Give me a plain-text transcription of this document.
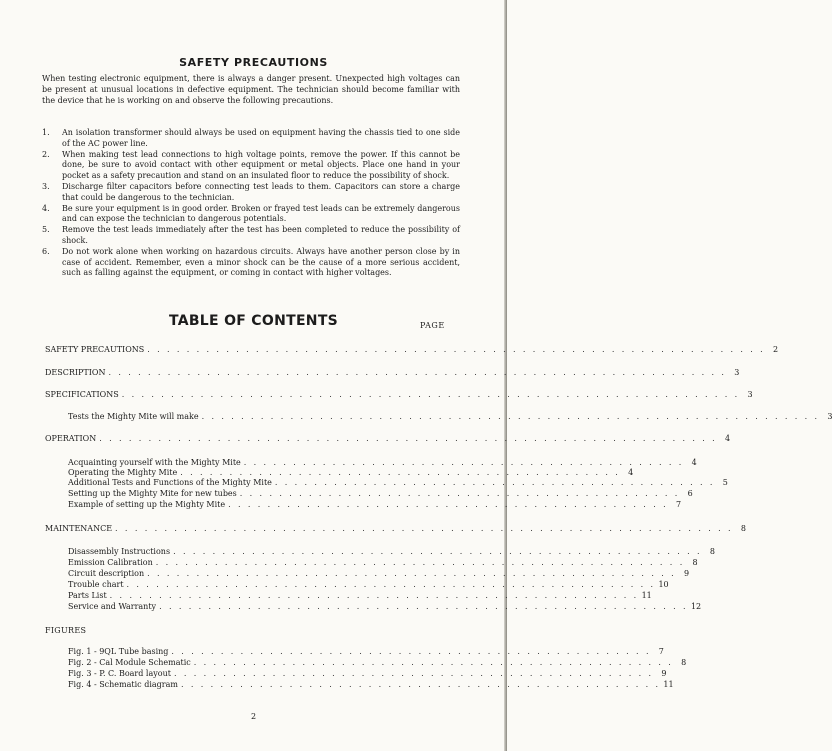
SAFETY PRECAUTIONS
When testing electronic equipment, there is always a danger present. Unexpected high voltages can be present at unusual locations in defective equipment. The technician should become familiar with the device that he is working on and observe the following precautions.
1. An isolation transformer should always be used on equipment having the chassis tied to one side of the AC power line.
2. When making test lead connections to high voltage points, remove the power. If this cannot be done, be sure to avoid contact with other equipment or metal objects. Place one hand in your pocket as a safety precaution and stand on an insulated floor to reduce the possibility of shock.
3. Discharge filter capacitors before connecting test leads to them. Capacitors can store a charge that could be dangerous to the technician.
4. Be sure your equipment is in good order. Broken or frayed test leads can be extremely dangerous and can expose the technician to dangerous potentials.
5. Remove the test leads immediately after the test has been completed to reduce the possibility of shock.
6. Do not work alone when working on hazardous circuits. Always have another person close by in case of accident. Remember, even a minor shock can be the cause of a more serious accident, such as falling against the equipment, or coming in contact with higher voltages.
TABLE OF CONTENTS	PAGE
SAFETY PRECAUTIONS . . . . . . . . . . . . . . . . . . . . . . . . . . . . . . . . . . . . . . . . . . . . . . . . . . . . . . . . . . . . . . . 2
DESCRIPTION . . . . . . . . . . . . . . . . . . . . . . . . . . . . . . . . . . . . . . . . . . . . . . . . . . . . . . . . . . . . . . . 3
SPECIFICATIONS . . . . . . . . . . . . . . . . . . . . . . . . . . . . . . . . . . . . . . . . . . . . . . . . . . . . . . . . . . . . . . . 3
Tests the Mighty Mite will make . . . . . . . . . . . . . . . . . . . . . . . . . . . . . . . . . . . . . . . . . . . . . . . . . . . . . . . . . . . . . . . 3
OPERATION . . . . . . . . . . . . . . . . . . . . . . . . . . . . . . . . . . . . . . . . . . . . . . . . . . . . . . . . . . . . . . . 4
Acquainting yourself with the Mighty Mite . . . . . . . . . . . . . . . . . . . . . . . . . . . . . . . . . . . . . . . . . . . . . 4
Operating the Mighty Mite . . . . . . . . . . . . . . . . . . . . . . . . . . . . . . . . . . . . . . . . . . . . . 4
Additional Tests and Functions of the Mighty Mite . . . . . . . . . . . . . . . . . . . . . . . . . . . . . . . . . . . . . . . . . . . . . 5
Setting up the Mighty Mite for new tubes . . . . . . . . . . . . . . . . . . . . . . . . . . . . . . . . . . . . . . . . . . . . . 6
Example of setting up the Mighty Mite . . . . . . . . . . . . . . . . . . . . . . . . . . . . . . . . . . . . . . . . . . . . . 7
MAINTENANCE . . . . . . . . . . . . . . . . . . . . . . . . . . . . . . . . . . . . . . . . . . . . . . . . . . . . . . . . . . . . . . . 8
Disassembly Instructions . . . . . . . . . . . . . . . . . . . . . . . . . . . . . . . . . . . . . . . . . . . . . . . . . . . . . . 8
Emission Calibration . . . . . . . . . . . . . . . . . . . . . . . . . . . . . . . . . . . . . . . . . . . . . . . . . . . . . . 8
Circuit description . . . . . . . . . . . . . . . . . . . . . . . . . . . . . . . . . . . . . . . . . . . . . . . . . . . . . . 9
Trouble chart . . . . . . . . . . . . . . . . . . . . . . . . . . . . . . . . . . . . . . . . . . . . . . . . . . . . . . 10
Parts List . . . . . . . . . . . . . . . . . . . . . . . . . . . . . . . . . . . . . . . . . . . . . . . . . . . . . . 11
Service and Warranty . . . . . . . . . . . . . . . . . . . . . . . . . . . . . . . . . . . . . . . . . . . . . . . . . . . . . . 12
FIGURES
Fig. 1 - 9QL Tube basing . . . . . . . . . . . . . . . . . . . . . . . . . . . . . . . . . . . . . . . . . . . . . . . . . 7
Fig. 2 - Cal Module Schematic . . . . . . . . . . . . . . . . . . . . . . . . . . . . . . . . . . . . . . . . . . . . . . . . . 8
Fig. 3 - P. C. Board layout . . . . . . . . . . . . . . . . . . . . . . . . . . . . . . . . . . . . . . . . . . . . . . . . . 9
Fig. 4 - Schematic diagram . . . . . . . . . . . . . . . . . . . . . . . . . . . . . . . . . . . . . . . . . . . . . . . . . 11
2
